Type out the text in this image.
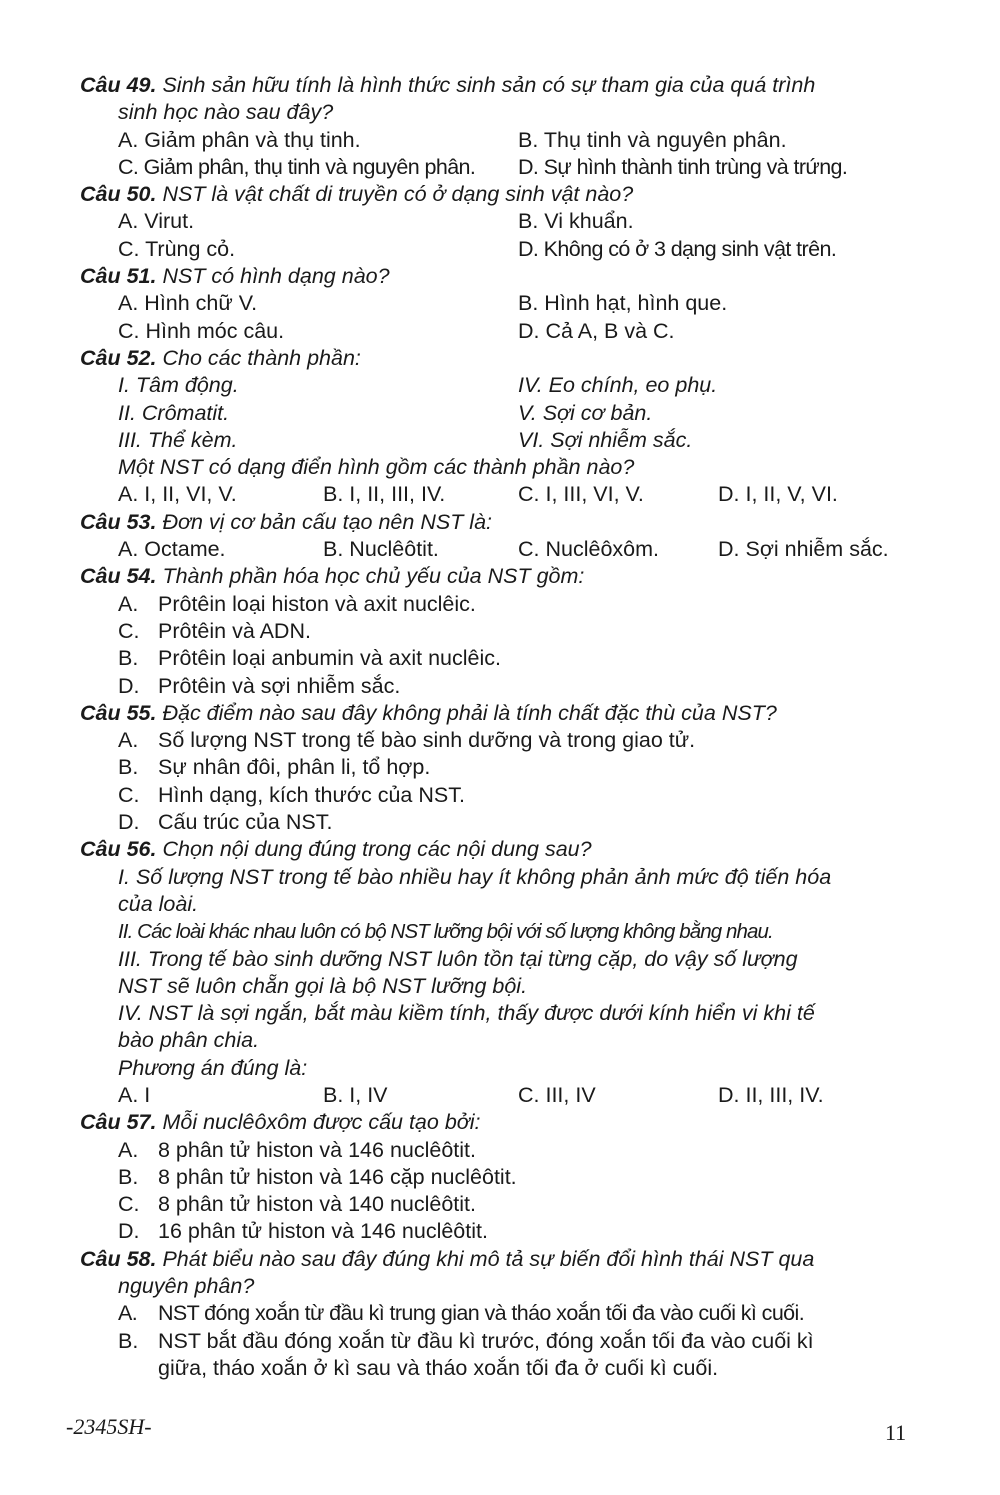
Câu 49. Sinh sản hữu tính là hình thức sinh sản có sự tham gia của quá trình
sinh học nào sau đây?
A. Giảm phân và thụ tinh.	B. Thụ tinh và nguyên phân.
C. Giảm phân, thụ tinh và nguyên phân.	D. Sự hình thành tinh trùng và trứng.
Câu 50. NST là vật chất di truyền có ở dạng sinh vật nào?
A. Virut.	B. Vi khuẩn.
C. Trùng cỏ.	D. Không có ở 3 dạng sinh vật trên.
Câu 51. NST có hình dạng nào?
A. Hình chữ V.	B. Hình hạt, hình que.
C. Hình móc câu.	D. Cả A, B và C.
Câu 52. Cho các thành phần:
I. Tâm động.	IV. Eo chính, eo phụ.
II. Crômatit.	V. Sợi cơ bản.
III. Thể kèm.	VI. Sợi nhiễm sắc.
Một NST có dạng điển hình gồm các thành phần nào?
A. I, II, VI, V.	B. I, II, III, IV.	C. I, III, VI, V.	D. I, II, V, VI.
Câu 53. Đơn vị cơ bản cấu tạo nên NST là:
A. Octame.	B. Nuclêôtit.	C. Nuclêôxôm.	D. Sợi nhiễm sắc.
Câu 54. Thành phần hóa học chủ yếu của NST gồm:
A. Prôtêin loại histon và axit nuclêic.
C. Prôtêin và ADN.
B. Prôtêin loại anbumin và axit nuclêic.
D. Prôtêin và sợi nhiễm sắc.
Câu 55. Đặc điểm nào sau đây không phải là tính chất đặc thù của NST?
A. Số lượng NST trong tế bào sinh dưỡng và trong giao tử.
B. Sự nhân đôi, phân li, tổ hợp.
C. Hình dạng, kích thước của NST.
D. Cấu trúc của NST.
Câu 56. Chọn nội dung đúng trong các nội dung sau?
I. Số lượng NST trong tế bào nhiều hay ít không phản ảnh mức độ tiến hóa
của loài.
II. Các loài khác nhau luôn có bộ NST lưỡng bội với số lượng không bằng nhau.
III. Trong tế bào sinh dưỡng NST luôn tồn tại từng cặp, do vậy số lượng
NST sẽ luôn chẵn gọi là bộ NST lưỡng bội.
IV. NST là sợi ngắn, bắt màu kiềm tính, thấy được dưới kính hiển vi khi tế
bào phân chia.
Phương án đúng là:
A. I	B. I, IV	C. III, IV	D. II, III, IV.
Câu 57. Mỗi nuclêôxôm được cấu tạo bởi:
A. 8 phân tử histon và 146 nuclêôtit.
B. 8 phân tử histon và 146 cặp nuclêôtit.
C. 8 phân tử histon và 140 nuclêôtit.
D. 16 phân tử histon và 146 nuclêôtit.
Câu 58. Phát biểu nào sau đây đúng khi mô tả sự biến đổi hình thái NST qua
nguyên phân?
A. NST đóng xoắn từ đầu kì trung gian và tháo xoắn tối đa vào cuối kì cuối.
B. NST bắt đầu đóng xoắn từ đầu kì trước, đóng xoắn tối đa vào cuối kì
giữa, tháo xoắn ở kì sau và tháo xoắn tối đa ở cuối kì cuối.
-2345SH-	11
